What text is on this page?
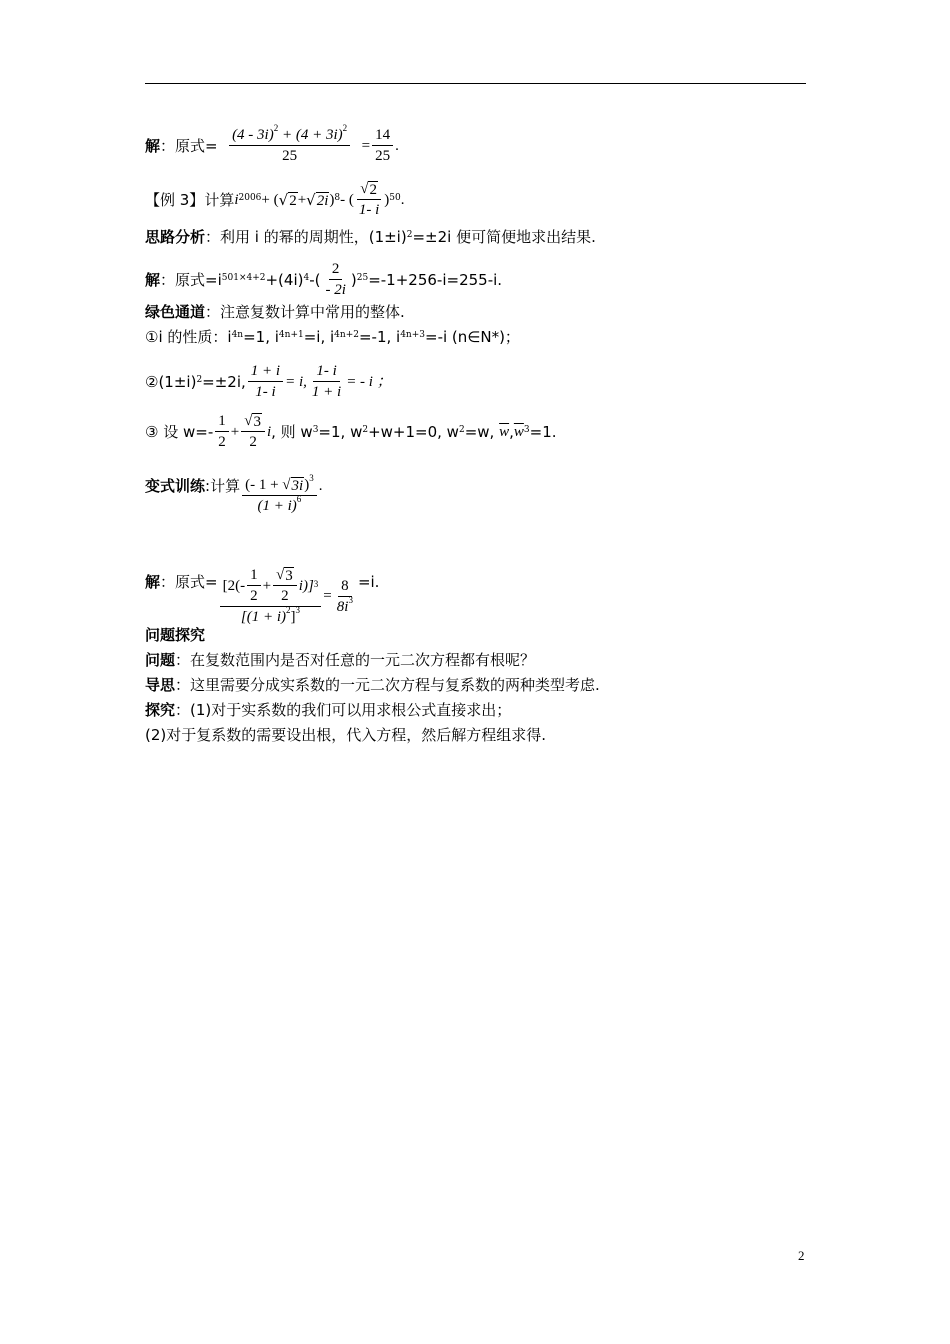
解 ：原式= $\frac{(4 - 3i)^2 + (4 + 3i)^2}{25} = \frac{14}{25}$ .
【例 3】 计算 $i^{2006}$ + ( √ 2 + √ 2i )$^8$ - ( $\frac{√ 2}{1- i} )^{50}$ .
思路分析 ：利用 i 的幂的周期性，$(1\pm i)^2 =\pm 2i$ 便可简便地求出结果.
解 ：原式$=i^{501\times 4+2} +(4i)^4$ -( $\frac{2}{- 2i} )^{25} =-1+256-i=255-i$.
绿色通道 ：注意复数计算中常用的整体.
①i 的性质：$i^{4n} =1$, $i^{4n+1} =i$, $i^{4n+2} =-1$, $i^{4n+3} =-i$ (n∈N*)；
$②(1\pm i)^2 =\pm 2i$, $\frac{1 + i}{1- i} = i$, $\frac{1- i}{1 + i}$ = - i ；
③ 设 $w=- \frac{1}{2} + \frac{√ 3}{2}$ i , 则 $w^3 =1$, $w^2 +w+1=0$, $w^2 =w$,
$\overline{w}$ , $\overline{w}^3 =1$.
变式训练 :计算 $\frac{(- 1 + √ 3i )^3}{(1 + i)^6}$ .
解 ：原式= $\frac{[2(- \frac{1}{2} + \frac{√ 3}{2} i)]^3}{[(1 + i)^2]^3} = \frac{8}{8i^3} =i$.
问题探究
问题 ：在复数范围内是否对任意的一元二次方程都有根呢？
导思 ：这里需要分成实系数的一元二次方程与复系数的两种类型考虑.
探究 ：(1)对于实系数的我们可以用求根公式直接求出；
(2)对于复系数的需要设出根，代入方程，然后解方程组求得.
2
